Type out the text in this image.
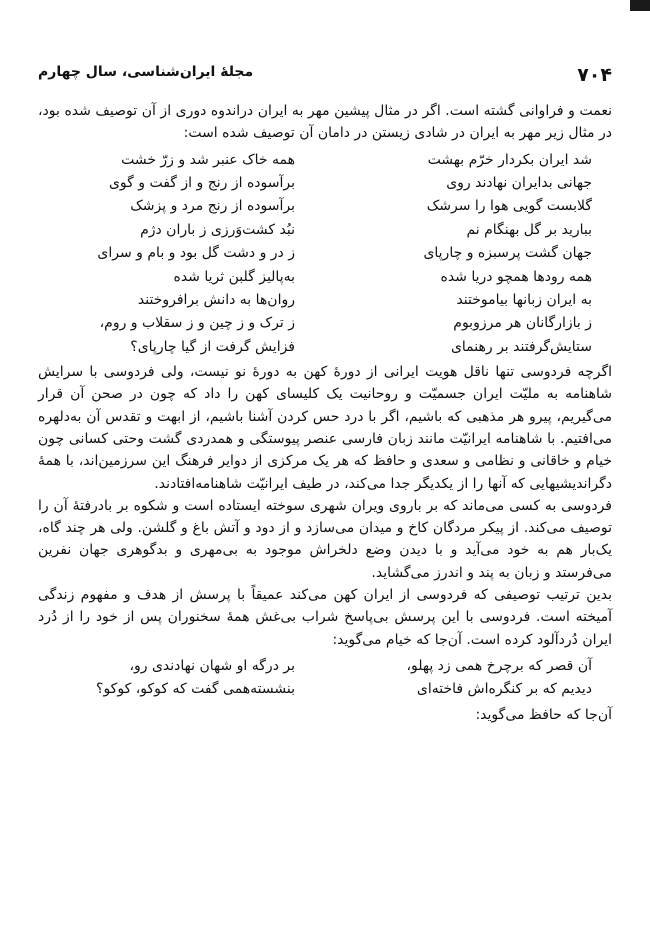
۷۰۴
مجلهٔ ایران‌شناسی، سال چهارم

نعمت و فراوانی گشته است. اگر در مثال پیشین مهر به ایران دراندوه دوری از آن توصیف شده بود، در مثال زیر مهر به ایران در شادی زیستن در دامان آن توصیف شده است:

شد ایران بکردار خرّم بهشت
همه خاک عنبر شد و زرّ خشت
جهانی بدایران نهادند روی
برآسوده از رنج و از گفت و گوی
گلابست گویی هوا را سرشک
برآسوده از رنج مرد و پزشک
ببارید بر گل بهنگام نم
نبُد کشت‌وَرزی ز باران دژم
جهان گشت پرسبزه و چارپای
ز در و دشت گل بود و بام و سرای
همه رودها همچو دریا شده
به‌پالیز گلبن ثریا شده
به ایران زبانها بیاموختند
روان‌ها به دانش برافروختند
ز بازارگانان هر مرزوبوم
ز ترک و ز چین و ز سقلاب و روم،
ستایش‌گرفتند بر رهنمای
فزایش گرفت از گیا چارپای؟

اگرچه فردوسی تنها ناقل هویت ایرانی از دورهٔ کهن به دورهٔ نو نیست، ولی فردوسی با سرایش شاهنامه به ملیّت ایران جسمیّت و روحانیت یک کلیسای کهن را داد که چون در صحن آن قرار می‌گیریم، پیرو هر مذهبی که باشیم، اگر با درد حس کردن آشنا باشیم، از ابهت و تقدس آن به‌دلهره می‌افتیم. با شاهنامه ایرانیّت مانند زبان فارسی عنصر پیوستگی و همدردی گشت وحتی کسانی چون خیام و خاقانی و نظامی و سعدی و حافظ که هر یک مرکزی از دوایر فرهنگ این سرزمین‌اند، با همهٔ دگراندیشیهایی که آنها را از یکدیگر جدا می‌کند، در طیف ایرانیّت شاهنامه‌افتادند.

فردوسی به کسی می‌ماند که بر باروی ویران شهری سوخته ایستاده است و شکوه بر بادرفتهٔ آن را توصیف می‌کند. از پیکر مردگان کاخ و میدان می‌سازد و از دود و آتش باغ و گلشن. ولی هر چند گاه، یک‌بار هم به خود می‌آید و با دیدن وضع دلخراش موجود به بی‌مهری و بدگوهری جهان نفرین می‌فرستد و زبان به پند و اندرز می‌گشاید.

بدین ترتیب توصیفی که فردوسی از ایران کهن می‌کند عمیقاً با پرسش از هدف و مفهوم زندگی آمیخته است. فردوسی با این پرسش بی‌پاسخ شراب بی‌غش همهٔ سخنوران پس از خود را از دُرد ایران دُردآلود کرده است. آن‌جا که خیام می‌گوید:

آن قصر که برچرخ همی زد پهلو،
بر درگه او شهان نهادندی رو،
دیدیم که بر کنگره‌اش فاخته‌ای
بنشسته‌همی گفت که کوکو، کوکو؟

آن‌جا که حافظ می‌گوید:
